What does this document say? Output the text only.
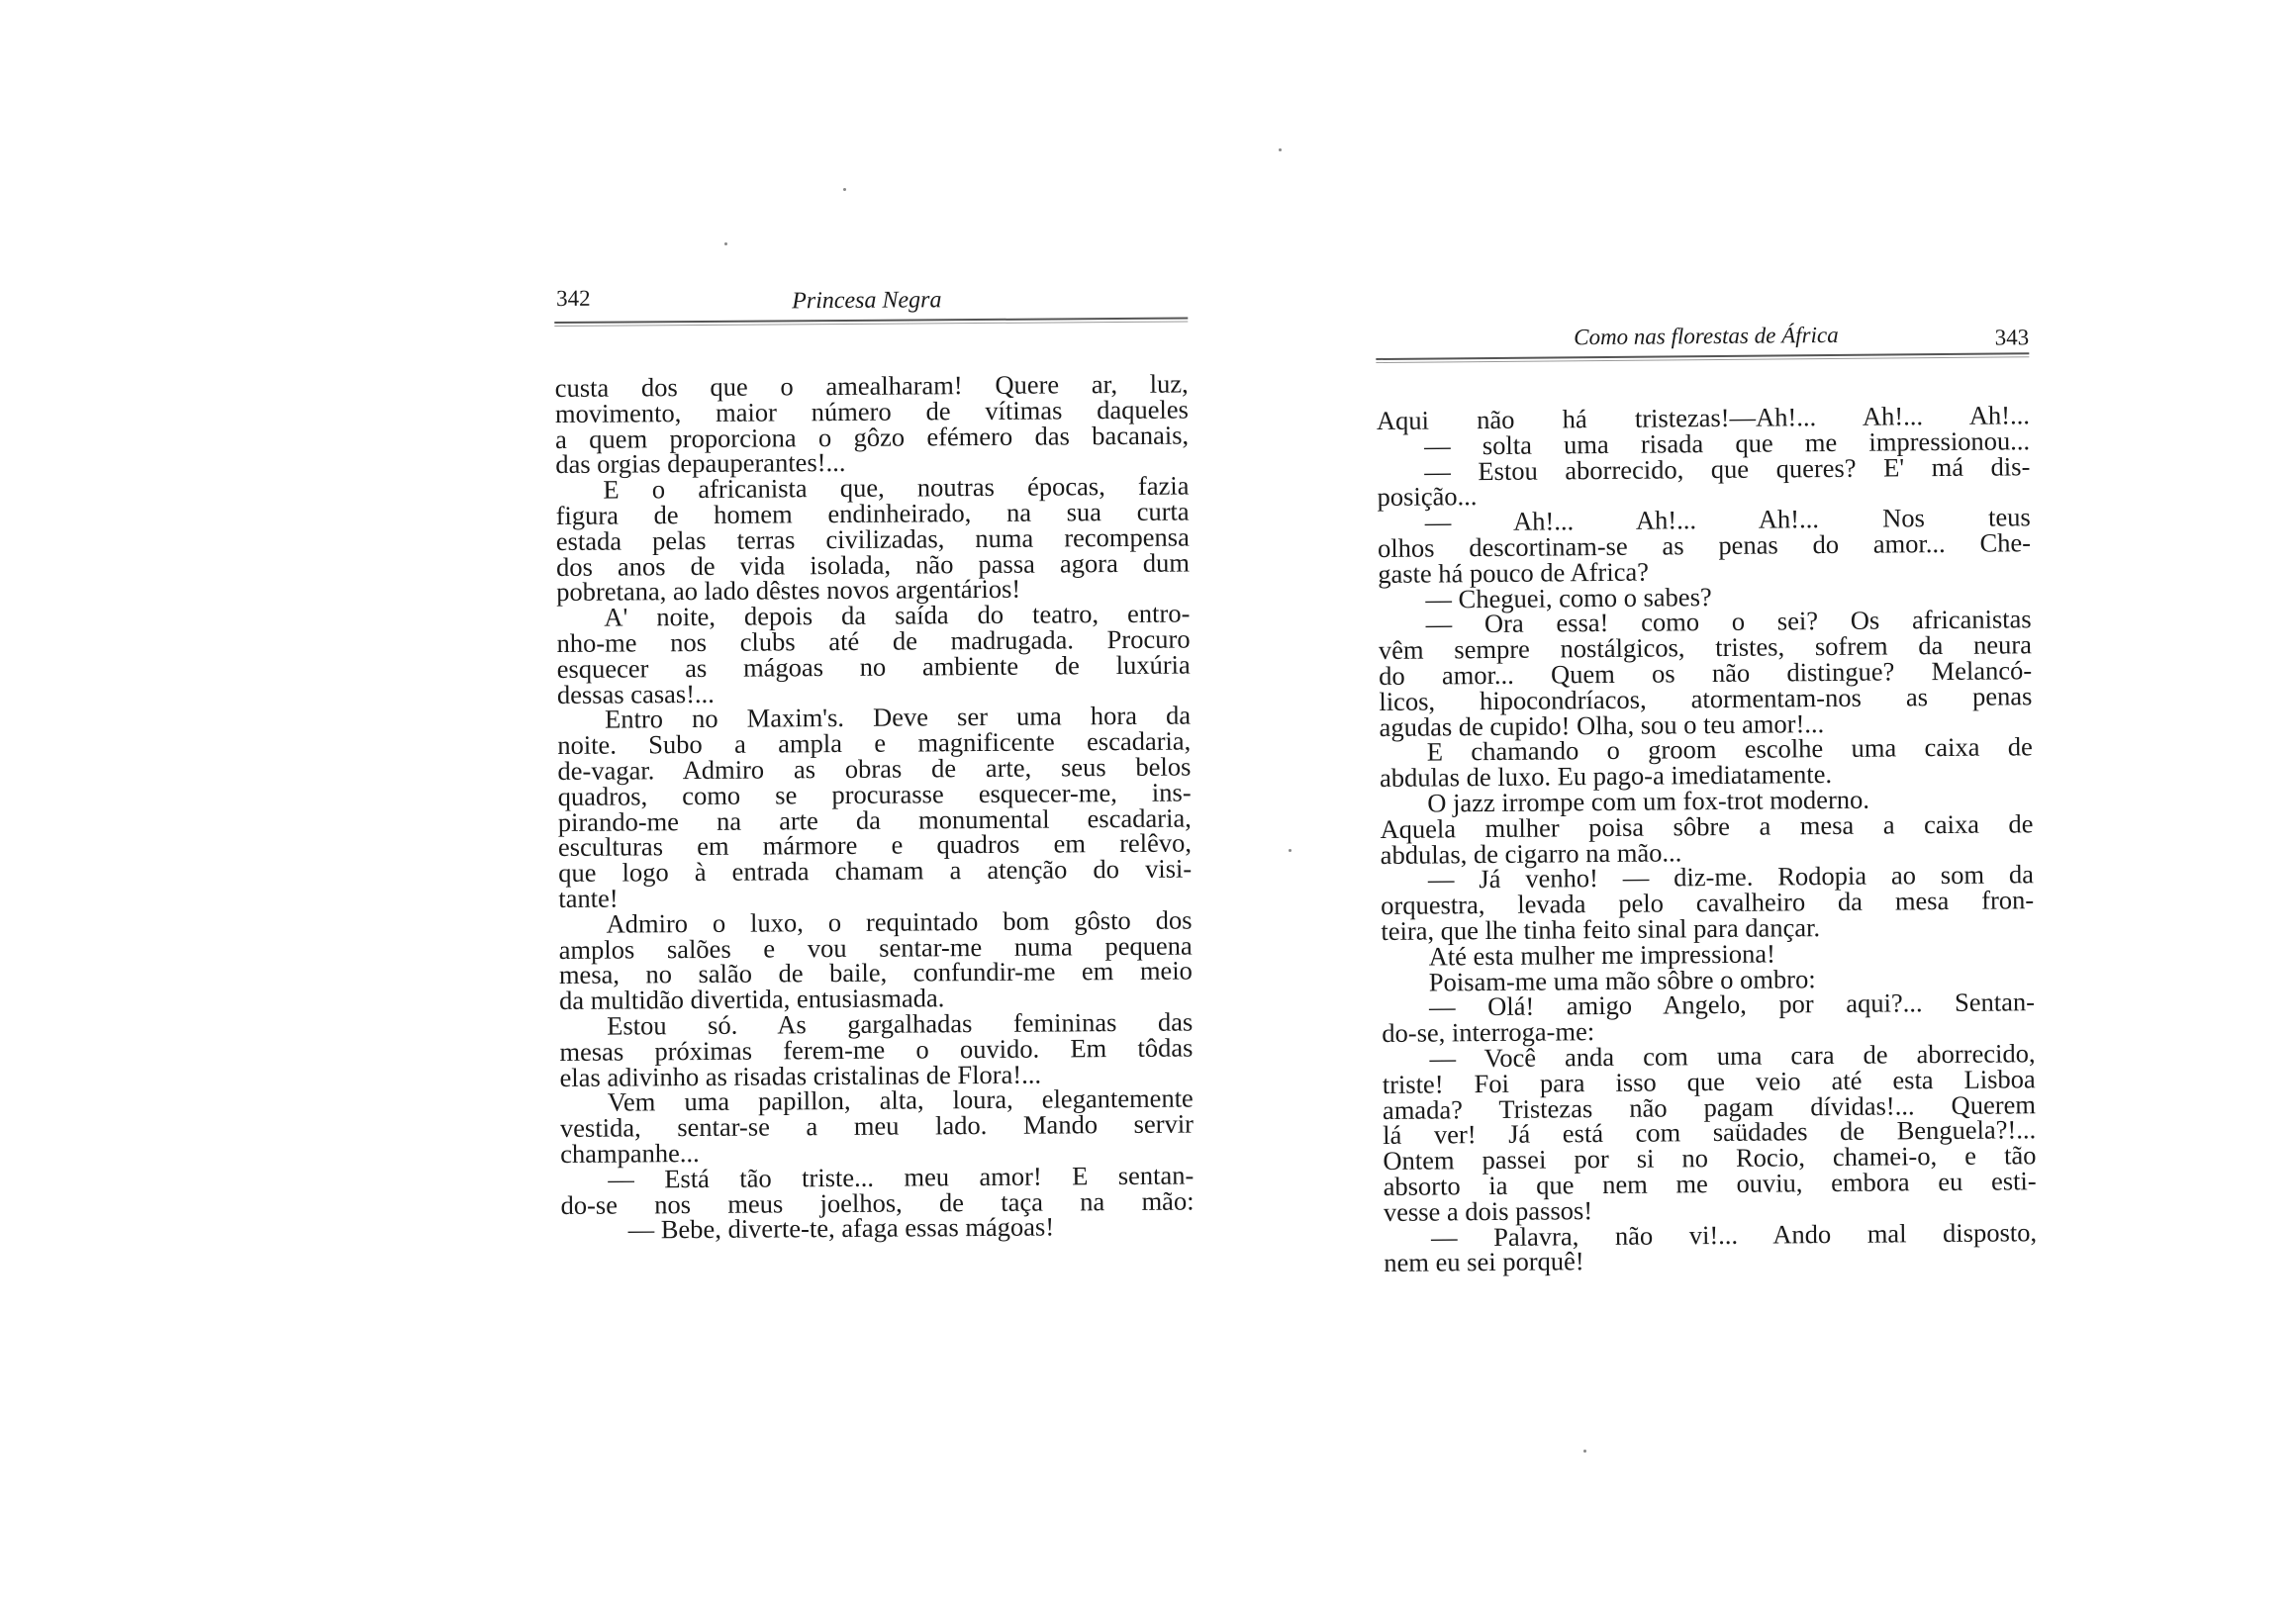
342	Princesa Negra
custa dos que o amealharam! Quere ar, luz,
movimento, maior número de vítimas daqueles
a quem proporciona o gôzo efémero das bacanais,
das orgias depauperantes!...
E o africanista que, noutras épocas, fazia
figura de homem endinheirado, na sua curta
estada pelas terras civilizadas, numa recompensa
dos anos de vida isolada, não passa agora dum
pobretana, ao lado dêstes novos argentários!
A' noite, depois da saída do teatro, entro-
nho-me nos clubs até de madrugada. Procuro
esquecer as mágoas no ambiente de luxúria
dessas casas!...
Entro no Maxim's. Deve ser uma hora da
noite. Subo a ampla e magnificente escadaria,
de-vagar. Admiro as obras de arte, seus belos
quadros, como se procurasse esquecer-me, ins-
pirando-me na arte da monumental escadaria,
esculturas em mármore e quadros em relêvo,
que logo à entrada chamam a atenção do visi-
tante!
Admiro o luxo, o requintado bom gôsto dos
amplos salões e vou sentar-me numa pequena
mesa, no salão de baile, confundir-me em meio
da multidão divertida, entusiasmada.
Estou só. As gargalhadas femininas das
mesas próximas ferem-me o ouvido. Em tôdas
elas adivinho as risadas cristalinas de Flora!...
Vem uma papillon, alta, loura, elegantemente
vestida, sentar-se a meu lado. Mando servir
champanhe...
— Está tão triste... meu amor! E sentan-
do-se nos meus joelhos, de taça na mão:
— Bebe, diverte-te, afaga essas mágoas!
Como nas florestas de África	343
Aqui não há tristezas!—Ah!... Ah!... Ah!...
— solta uma risada que me impressionou...
— Estou aborrecido, que queres? E' má dis-
posição...
— Ah!... Ah!... Ah!... Nos teus
olhos descortinam-se as penas do amor... Che-
gaste há pouco de Africa?
— Cheguei, como o sabes?
— Ora essa! como o sei? Os africanistas
vêm sempre nostálgicos, tristes, sofrem da neura
do amor... Quem os não distingue? Melancó-
licos, hipocondríacos, atormentam-nos as penas
agudas de cupido! Olha, sou o teu amor!...
E chamando o groom escolhe uma caixa de
abdulas de luxo. Eu pago-a imediatamente.
O jazz irrompe com um fox-trot moderno.
Aquela mulher poisa sôbre a mesa a caixa de
abdulas, de cigarro na mão...
— Já venho! — diz-me. Rodopia ao som da
orquestra, levada pelo cavalheiro da mesa fron-
teira, que lhe tinha feito sinal para dançar.
Até esta mulher me impressiona!
Poisam-me uma mão sôbre o ombro:
— Olá! amigo Angelo, por aqui?... Sentan-
do-se, interroga-me:
— Você anda com uma cara de aborrecido,
triste! Foi para isso que veio até esta Lisboa
amada? Tristezas não pagam dívidas!... Querem
lá ver! Já está com saüdades de Benguela?!...
Ontem passei por si no Rocio, chamei-o, e tão
absorto ia que nem me ouviu, embora eu esti-
vesse a dois passos!
— Palavra, não vi!... Ando mal disposto,
nem eu sei porquê!
